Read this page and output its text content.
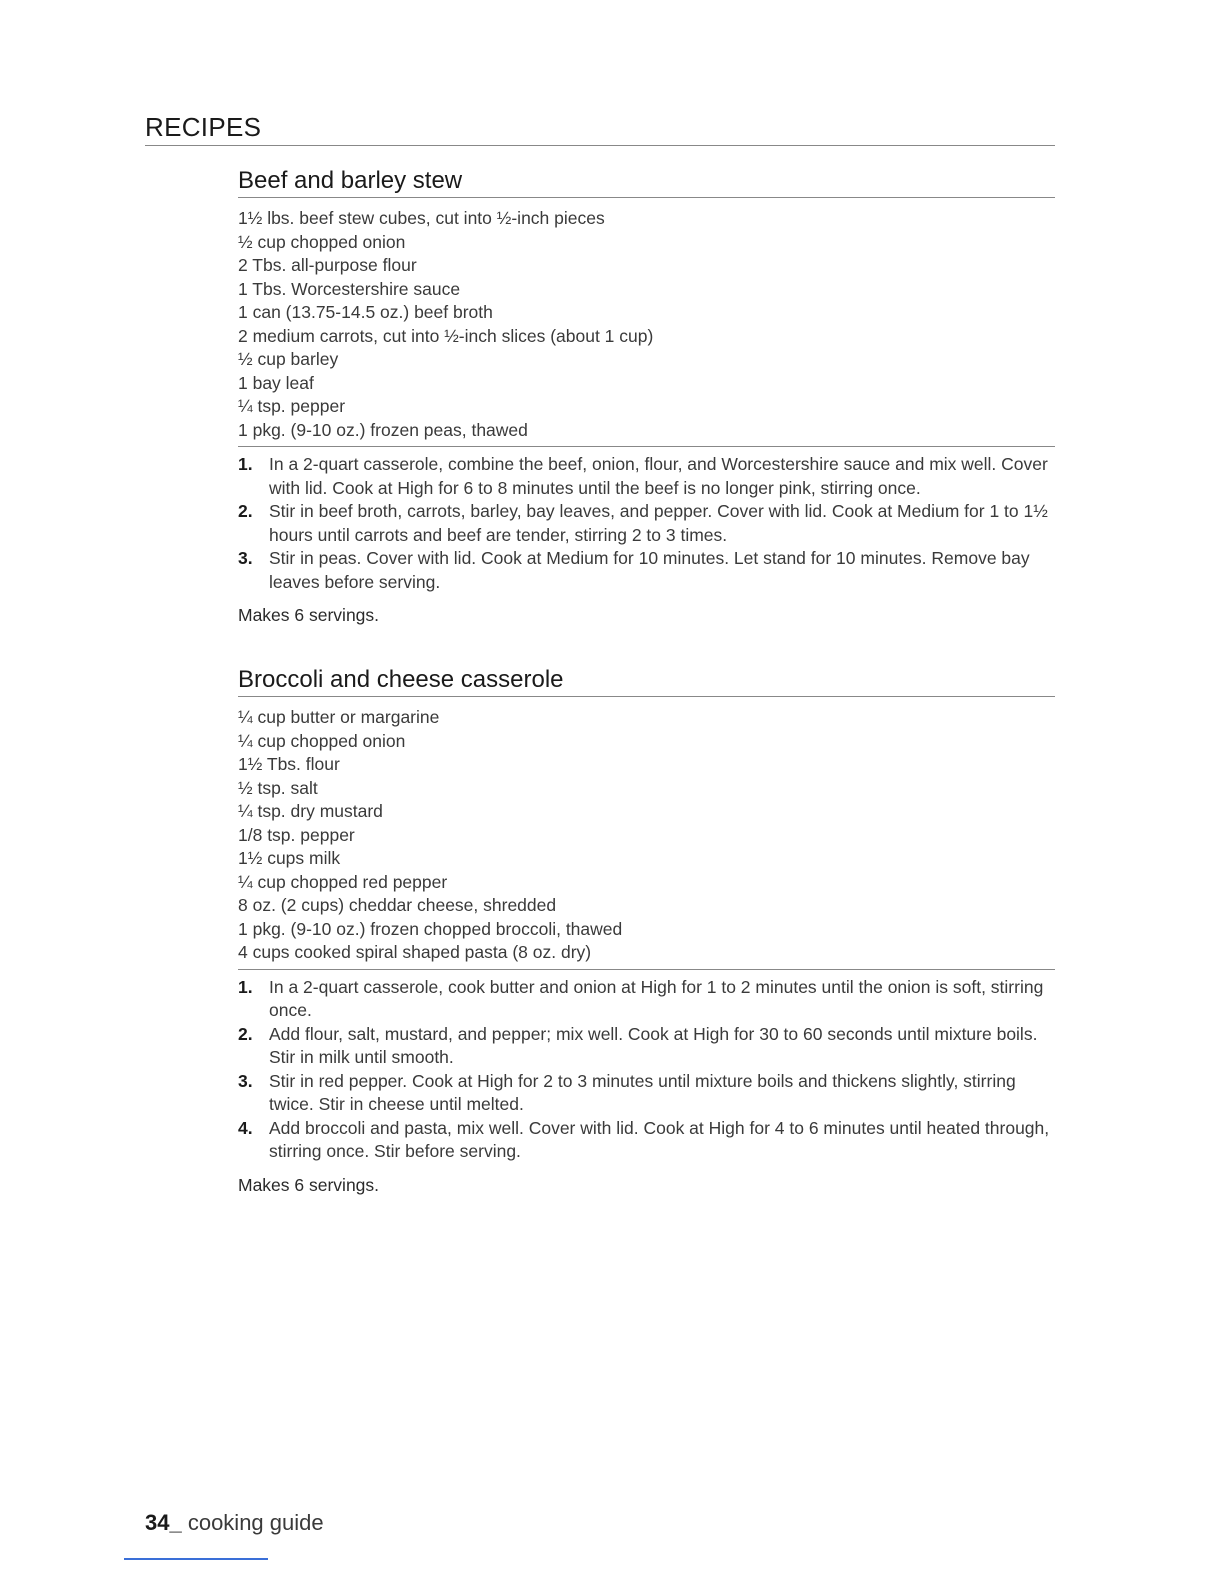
RECIPES
Beef and barley stew
1½ lbs. beef stew cubes, cut into ½-inch pieces
½ cup chopped onion
2 Tbs. all-purpose flour
1 Tbs. Worcestershire sauce
1 can (13.75-14.5 oz.) beef broth
2 medium carrots, cut into ½-inch slices (about 1 cup)
½ cup barley
1 bay leaf
¼ tsp. pepper
1 pkg. (9-10 oz.) frozen peas, thawed
1. In a 2-quart casserole, combine the beef, onion, flour, and Worcestershire sauce and mix well. Cover with lid. Cook at High for 6 to 8 minutes until the beef is no longer pink, stirring once.
2. Stir in beef broth, carrots, barley, bay leaves, and pepper. Cover with lid. Cook at Medium for 1 to 1½ hours until carrots and beef are tender, stirring 2 to 3 times.
3. Stir in peas. Cover with lid. Cook at Medium for 10 minutes. Let stand for 10 minutes. Remove bay leaves before serving.
Makes 6 servings.
Broccoli and cheese casserole
¼ cup butter or margarine
¼ cup chopped onion
1½ Tbs. flour
½ tsp. salt
¼ tsp. dry mustard
1/8 tsp. pepper
1½ cups milk
¼ cup chopped red pepper
8 oz. (2 cups) cheddar cheese, shredded
1 pkg. (9-10 oz.) frozen chopped broccoli, thawed
4 cups cooked spiral shaped pasta (8 oz. dry)
1. In a 2-quart casserole, cook butter and onion at High for 1 to 2 minutes until the onion is soft, stirring once.
2. Add flour, salt, mustard, and pepper; mix well. Cook at High for 30 to 60 seconds until mixture boils. Stir in milk until smooth.
3. Stir in red pepper. Cook at High for 2 to 3 minutes until mixture boils and thickens slightly, stirring twice. Stir in cheese until melted.
4. Add broccoli and pasta, mix well. Cover with lid. Cook at High for 4 to 6 minutes until heated through, stirring once. Stir before serving.
Makes 6 servings.
34_ cooking guide
